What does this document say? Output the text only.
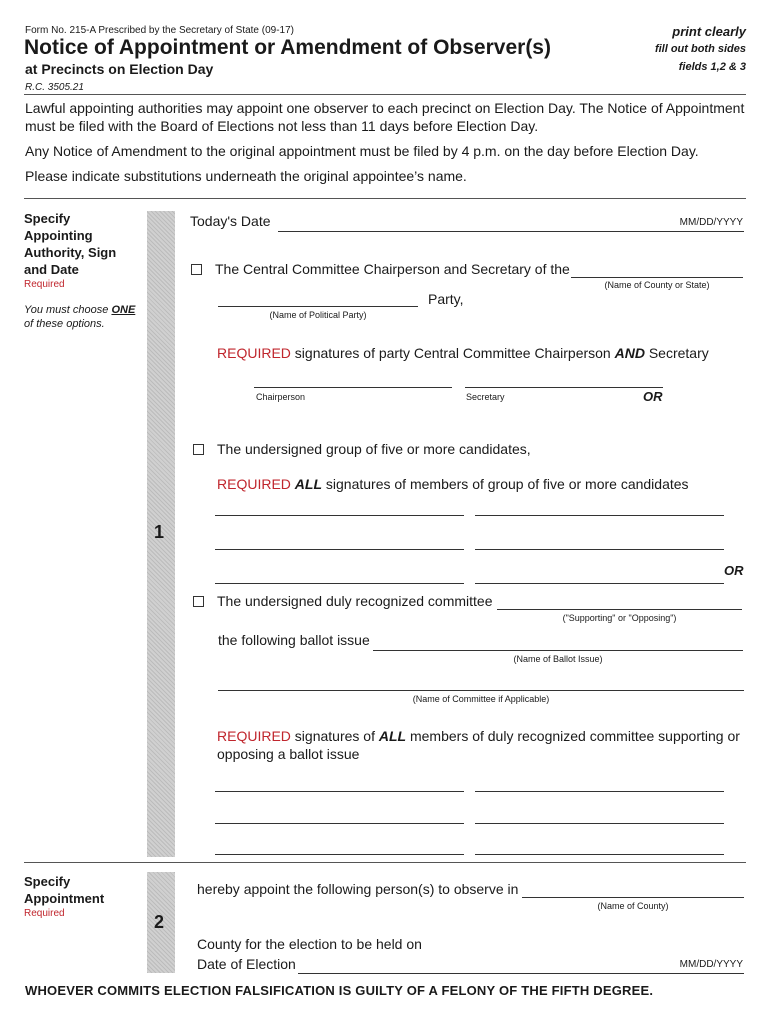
Form No. 215-A Prescribed by the Secretary of State (09-17)
Notice of Appointment or Amendment of Observer(s)
at Precincts on Election Day
R.C. 3505.21
print clearly
fill out both sides
fields 1,2 & 3
Lawful appointing authorities may appoint one observer to each precinct on Election Day. The Notice of Appointment must be filed with the Board of Elections not less than 11 days before Election Day.
Any Notice of Amendment to the original appointment must be filed by 4 p.m. on the day before Election Day.
Please indicate substitutions underneath the original appointee’s name.
Specify Appointing Authority, Sign and Date
Required
You must choose ONE of these options.
1
Today's Date	MM/DD/YYYY
The Central Committee Chairperson and Secretary of the
(Name of County or State)
Party,
(Name of Political Party)
REQUIRED signatures of party Central Committee Chairperson AND Secretary
Chairperson	Secretary	OR
The undersigned group of five or more candidates,
REQUIRED ALL signatures of members of group of five or more candidates
OR
The undersigned duly recognized committee
("Supporting" or "Opposing")
the following ballot issue
(Name of Ballot Issue)
(Name of Committee if Applicable)
REQUIRED signatures of ALL members of duly recognized committee supporting or
opposing a ballot issue
Specify Appointment
Required	2
hereby appoint the following person(s) to observe in
(Name of County)
County for the election to be held on
Date of Election	MM/DD/YYYY
WHOEVER COMMITS ELECTION FALSIFICATION IS GUILTY OF A FELONY OF THE FIFTH DEGREE.
